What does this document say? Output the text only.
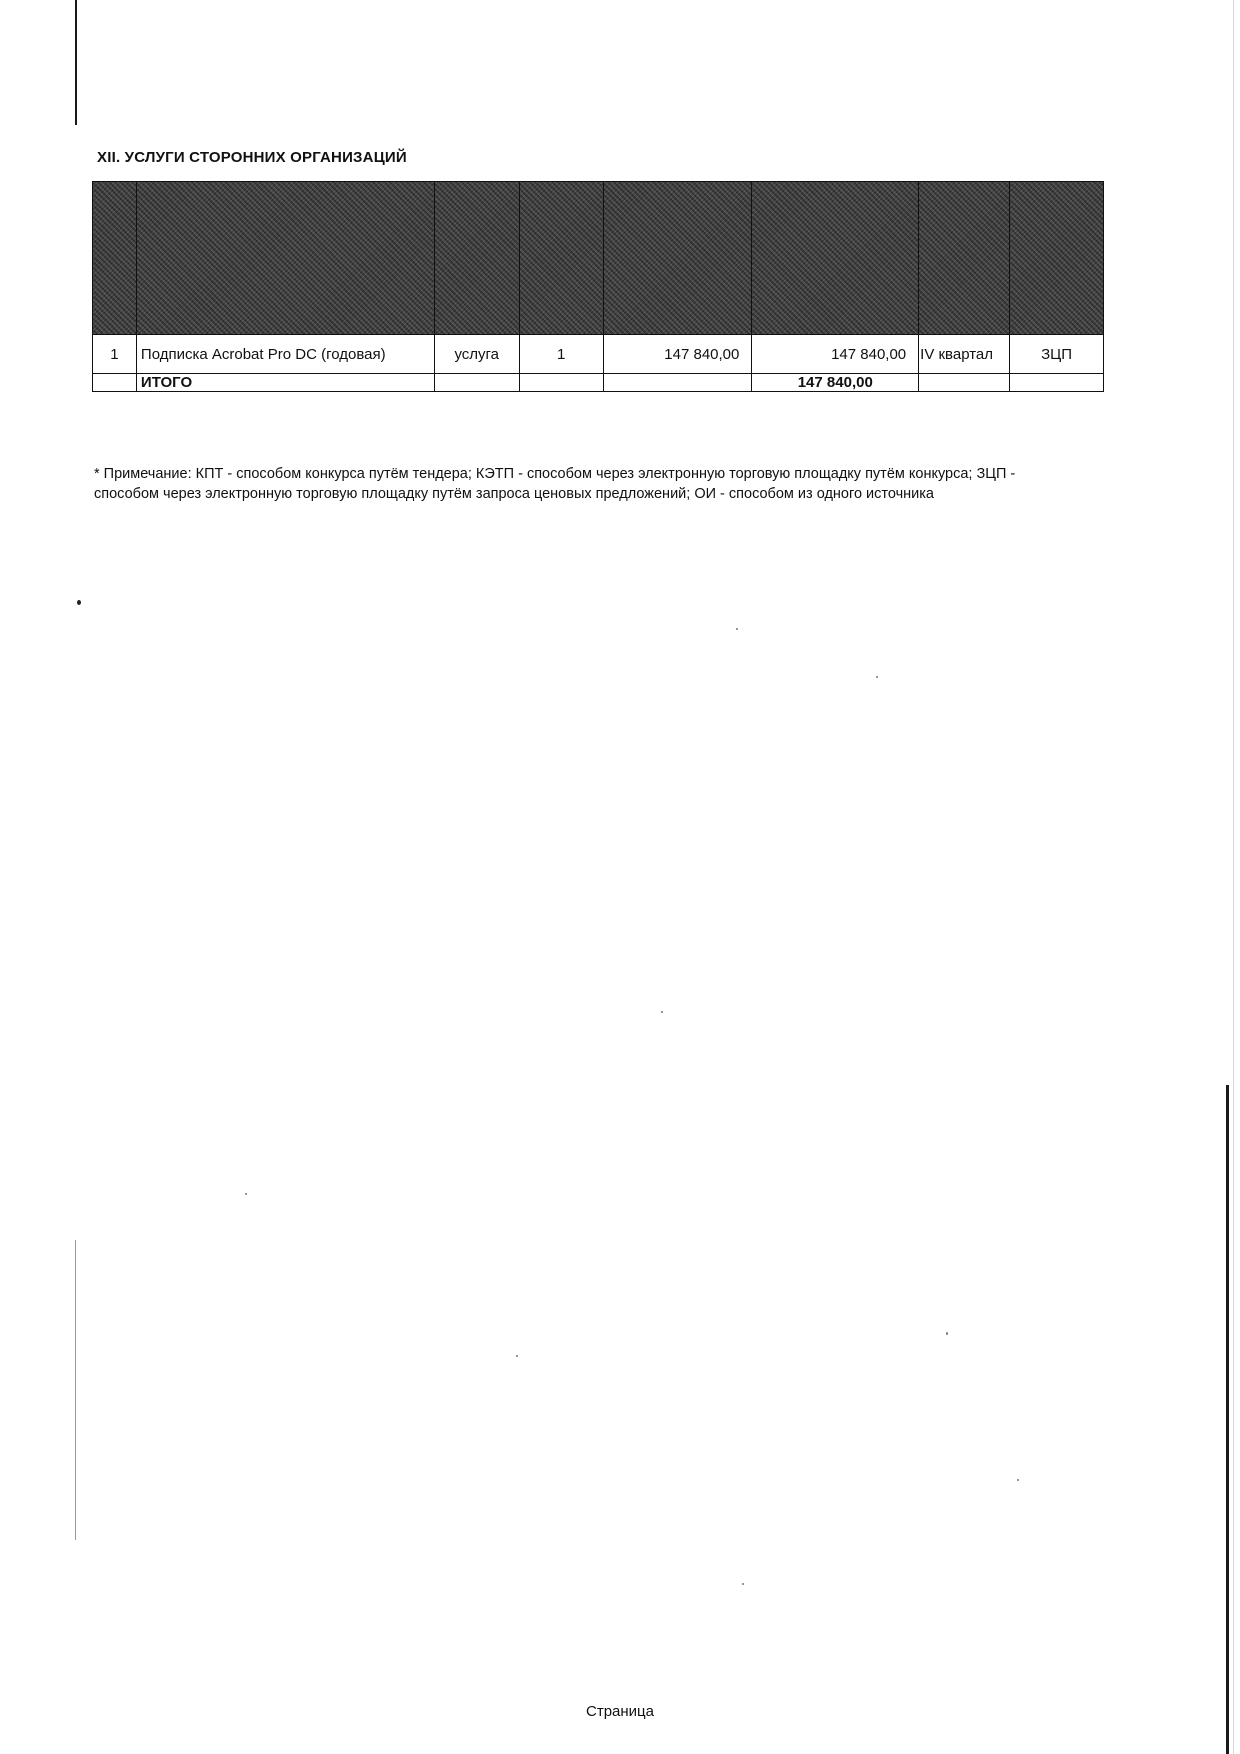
XII. УСЛУГИ СТОРОННИХ ОРГАНИЗАЦИЙ

1	Подписка Acrobat Pro DC (годовая)	услуга	1	147 840,00	147 840,00	IV квартал	ЗЦП
	ИТОГО				147 840,00		
* Примечание: КПТ - способом конкурса путём тендера; КЭТП - способом через электронную торговую площадку путём конкурса; ЗЦП - способом через электронную торговую площадку путём запроса ценовых предложений; ОИ - способом из одного источника
Страница
